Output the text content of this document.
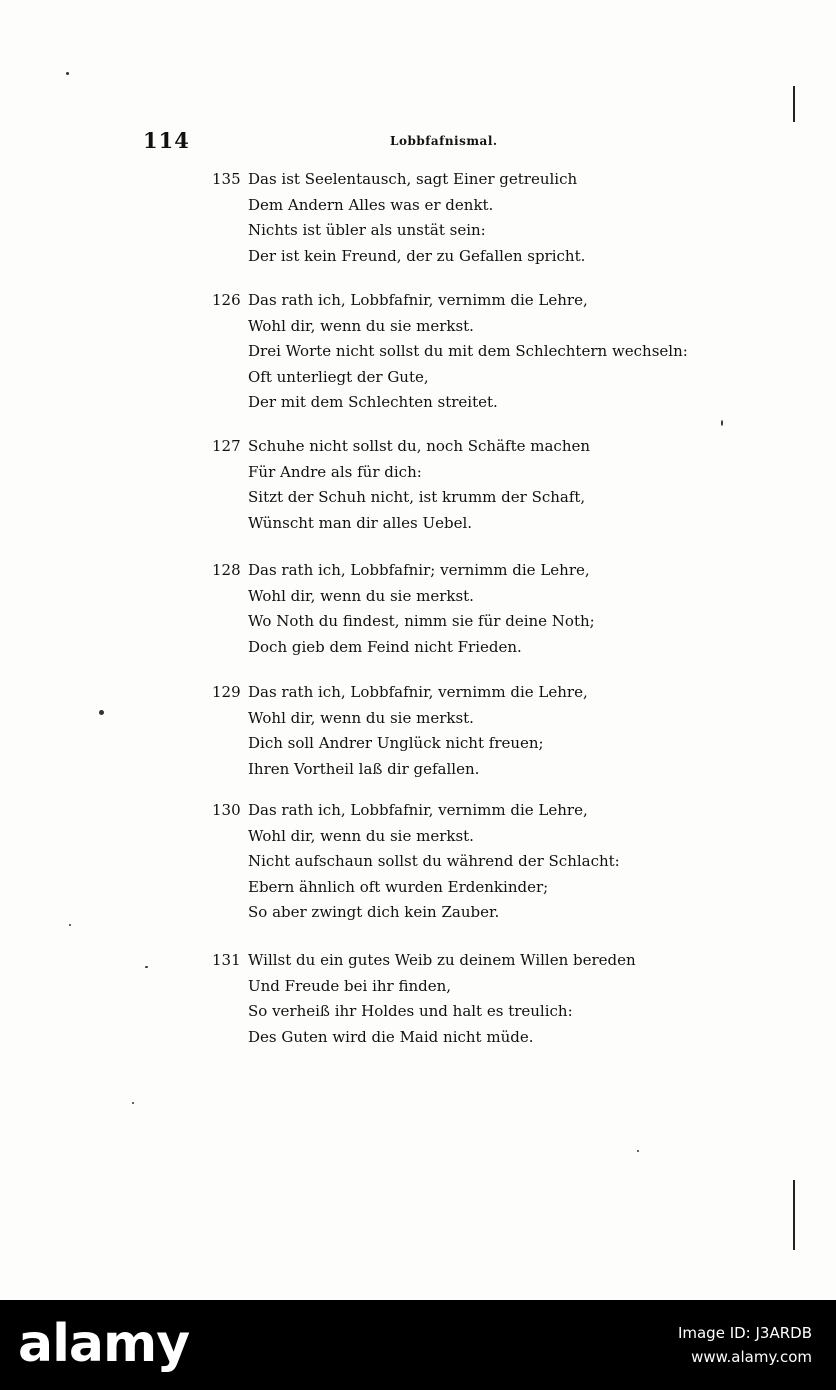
114	Lobbfafnismal.
135 Das ist Seelentausch, sagt Einer getreulich
Dem Andern Alles was er denkt.
Nichts ist übler als unstät sein:
Der ist kein Freund, der zu Gefallen spricht.
126 Das rath ich, Lobbfafnir, vernimm die Lehre,
Wohl dir, wenn du sie merkst.
Drei Worte nicht sollst du mit dem Schlechtern wechseln:
Oft unterliegt der Gute,
Der mit dem Schlechten streitet.
127 Schuhe nicht sollst du, noch Schäfte machen
Für Andre als für dich:
Sitzt der Schuh nicht, ist krumm der Schaft,
Wünscht man dir alles Uebel.
128 Das rath ich, Lobbfafnir; vernimm die Lehre,
Wohl dir, wenn du sie merkst.
Wo Noth du findest, nimm sie für deine Noth;
Doch gieb dem Feind nicht Frieden.
129 Das rath ich, Lobbfafnir, vernimm die Lehre,
Wohl dir, wenn du sie merkst.
Dich soll Andrer Unglück nicht freuen;
Ihren Vortheil laß dir gefallen.
130 Das rath ich, Lobbfafnir, vernimm die Lehre,
Wohl dir, wenn du sie merkst.
Nicht aufschaun sollst du während der Schlacht:
Ebern ähnlich oft wurden Erdenkinder;
So aber zwingt dich kein Zauber.
131 Willst du ein gutes Weib zu deinem Willen bereden
Und Freude bei ihr finden,
So verheiß ihr Holdes und halt es treulich:
Des Guten wird die Maid nicht müde.
alamy	Image ID: J3ARDB
www.alamy.com
